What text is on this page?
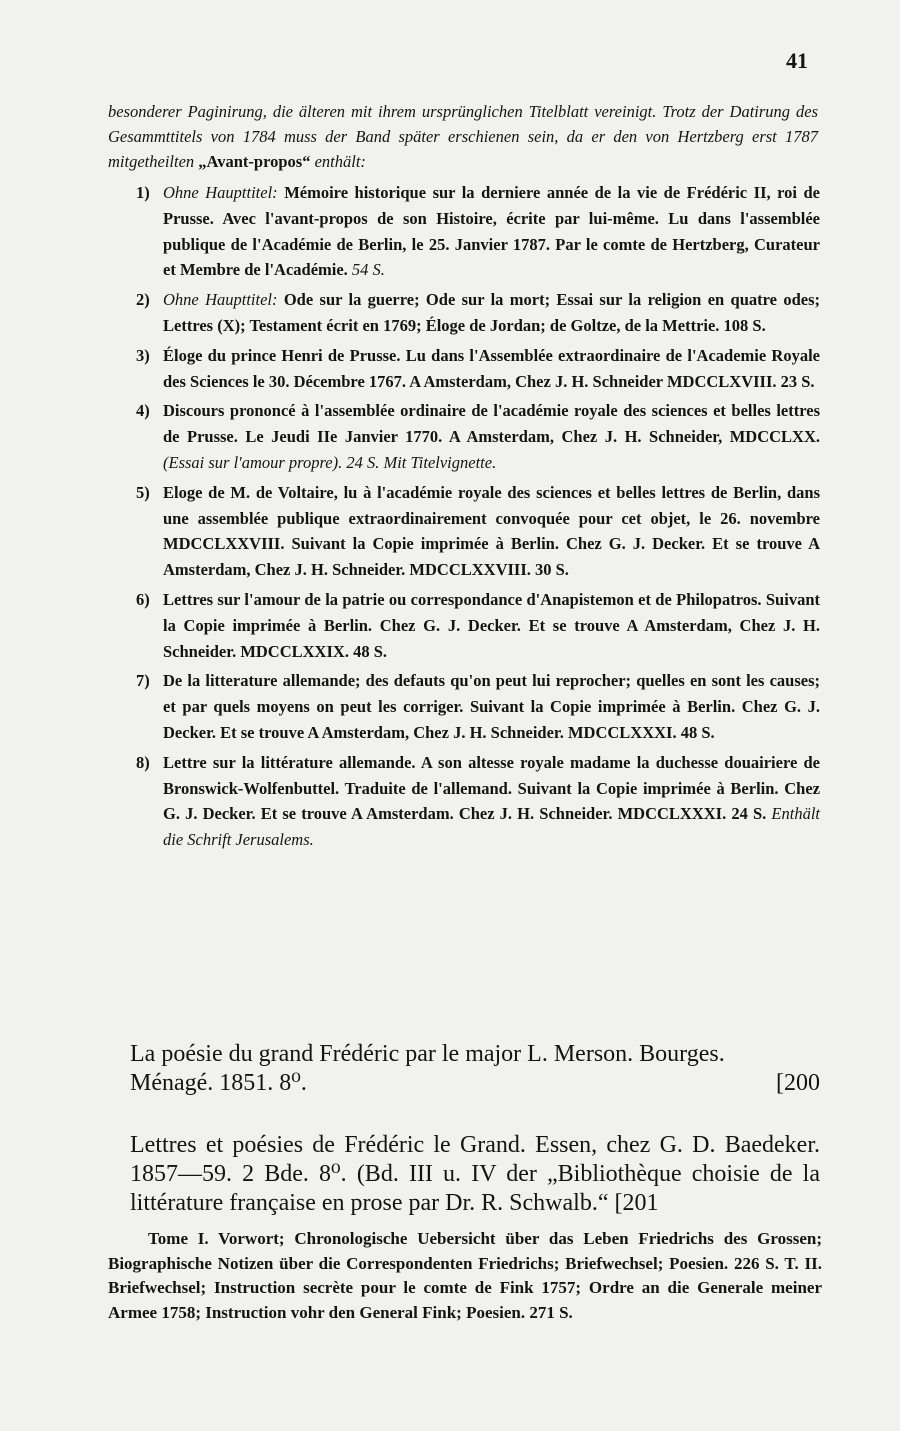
41
besonderer Paginirung, die älteren mit ihrem ursprünglichen Titelblatt vereinigt. Trotz der Datirung des Gesammttitels von 1784 muss der Band später erschienen sein, da er den von Hertzberg erst 1787 mitgetheilten „Avant-propos“ enthält:
1) Ohne Haupttitel: Mémoire historique sur la derniere année de la vie de Frédéric II, roi de Prusse. Avec l'avant-propos de son Histoire, écrite par lui-même. Lu dans l'assemblée publique de l'Académie de Berlin, le 25. Janvier 1787. Par le comte de Hertzberg, Curateur et Membre de l'Académie. 54 S.
2) Ohne Haupttitel: Ode sur la guerre; Ode sur la mort; Essai sur la religion en quatre odes; Lettres (X); Testament écrit en 1769; Éloge de Jordan; de Goltze, de la Mettrie. 108 S.
3) Éloge du prince Henri de Prusse. Lu dans l'Assemblée extraordinaire de l'Academie Royale des Sciences le 30. Décembre 1767. A Amsterdam, Chez J. H. Schneider MDCCLXVIII. 23 S.
4) Discours prononcé à l'assemblée ordinaire de l'académie royale des sciences et belles lettres de Prusse. Le Jeudi IIe Janvier 1770. A Amsterdam, Chez J. H. Schneider, MDCCLXX. (Essai sur l'amour propre). 24 S. Mit Titelvignette.
5) Eloge de M. de Voltaire, lu à l'académie royale des sciences et belles lettres de Berlin, dans une assemblée publique extraordinairement convoquée pour cet objet, le 26. novembre MDCCLXXVIII. Suivant la Copie imprimée à Berlin. Chez G. J. Decker. Et se trouve A Amsterdam, Chez J. H. Schneider. MDCCLXXVIII. 30 S.
6) Lettres sur l'amour de la patrie ou correspondance d'Anapistemon et de Philopatros. Suivant la Copie imprimée à Berlin. Chez G. J. Decker. Et se trouve A Amsterdam, Chez J. H. Schneider. MDCCLXXIX. 48 S.
7) De la litterature allemande; des defauts qu'on peut lui reprocher; quelles en sont les causes; et par quels moyens on peut les corriger. Suivant la Copie imprimée à Berlin. Chez G. J. Decker. Et se trouve A Amsterdam, Chez J. H. Schneider. MDCCLXXXI. 48 S.
8) Lettre sur la littérature allemande. A son altesse royale madame la duchesse douairiere de Bronswick-Wolfenbuttel. Traduite de l'allemand. Suivant la Copie imprimée à Berlin. Chez G. J. Decker. Et se trouve A Amsterdam. Chez J. H. Schneider. MDCCLXXXI. 24 S. Enthält die Schrift Jerusalems.
La poésie du grand Frédéric par le major L. Merson. Bourges.
Ménagé. 1851. 8⁰.	[200
Lettres et poésies de Frédéric le Grand. Essen, chez G. D. Baedeker. 1857—59. 2 Bde. 8⁰. (Bd. III u. IV der „Bibliothèque choisie de la littérature française en prose par Dr. R. Schwalb.“ [201
Tome I. Vorwort; Chronologische Uebersicht über das Leben Friedrichs des Grossen; Biographische Notizen über die Correspondenten Friedrichs; Briefwechsel; Poesien. 226 S. T. II. Briefwechsel; Instruction secrète pour le comte de Fink 1757; Ordre an die Generale meiner Armee 1758; Instruction vohr den General Fink; Poesien. 271 S.
